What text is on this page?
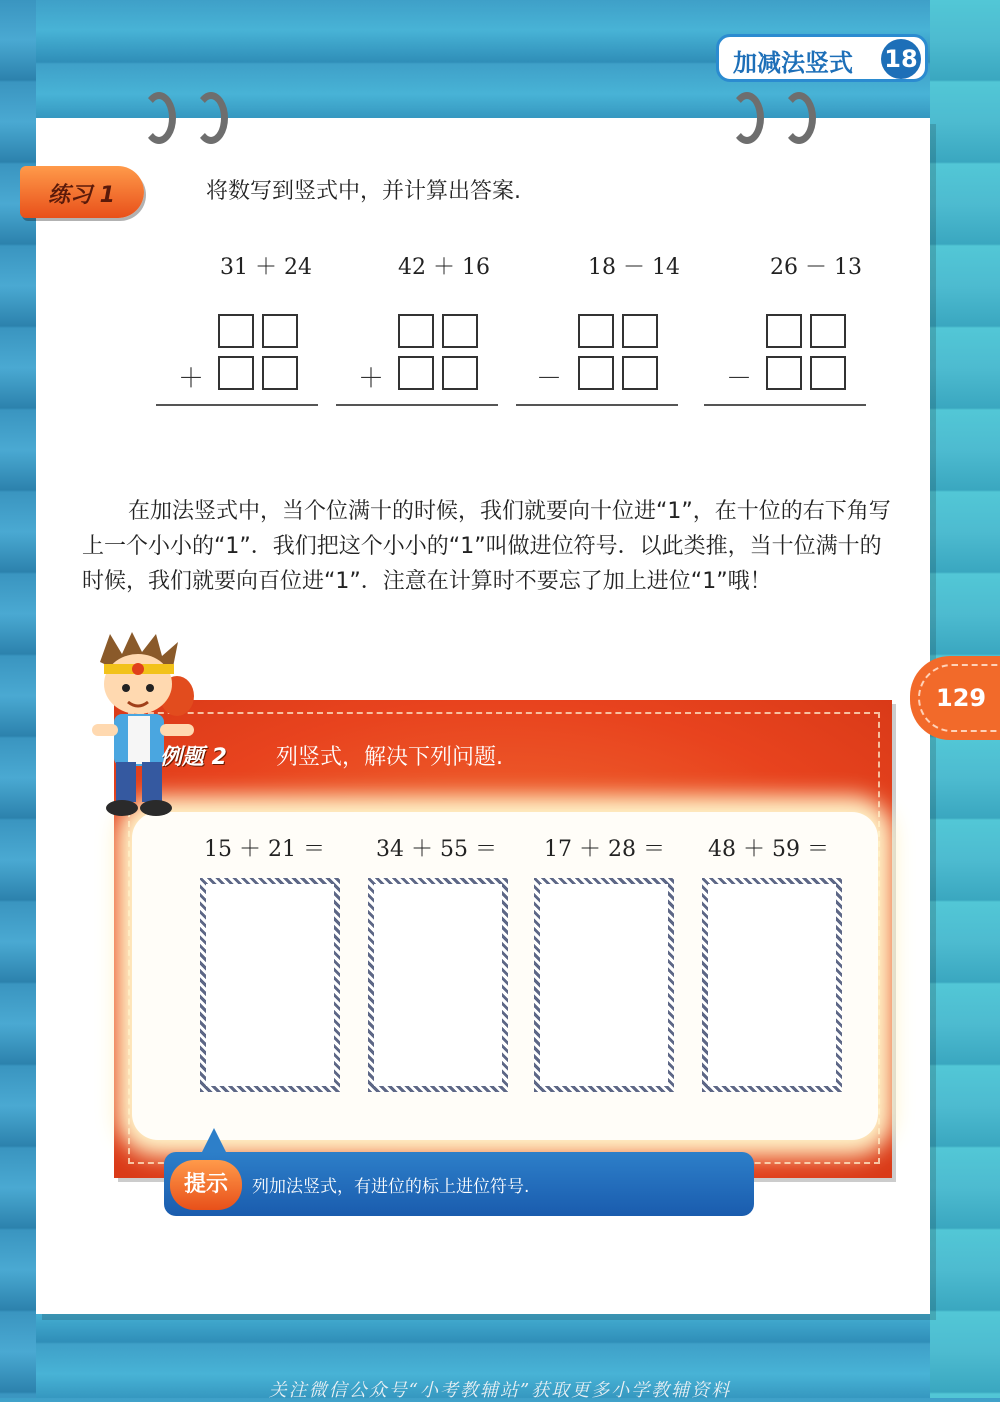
加减法竖式 18
练习 1	将数写到竖式中，并计算出答案.
31 ＋ 24
＋
42 ＋ 16
＋
18 － 14
－
26 － 13
－

在加法竖式中，当个位满十的时候，我们就要向十位进“1”，在十位的右下角写上一个小小的“1”．我们把这个小小的“1”叫做进位符号．以此类推，当十位满十的时候，我们就要向百位进“1”．注意在计算时不要忘了加上进位“1”哦！

129
例题 2 列竖式，解决下列问题.
15 ＋ 21 ＝ 34 ＋ 55 ＝ 17 ＋ 28 ＝ 48 ＋ 59 ＝
提示	列加法竖式，有进位的标上进位符号.
关注微信公众号“小考教辅站”获取更多小学教辅资料
